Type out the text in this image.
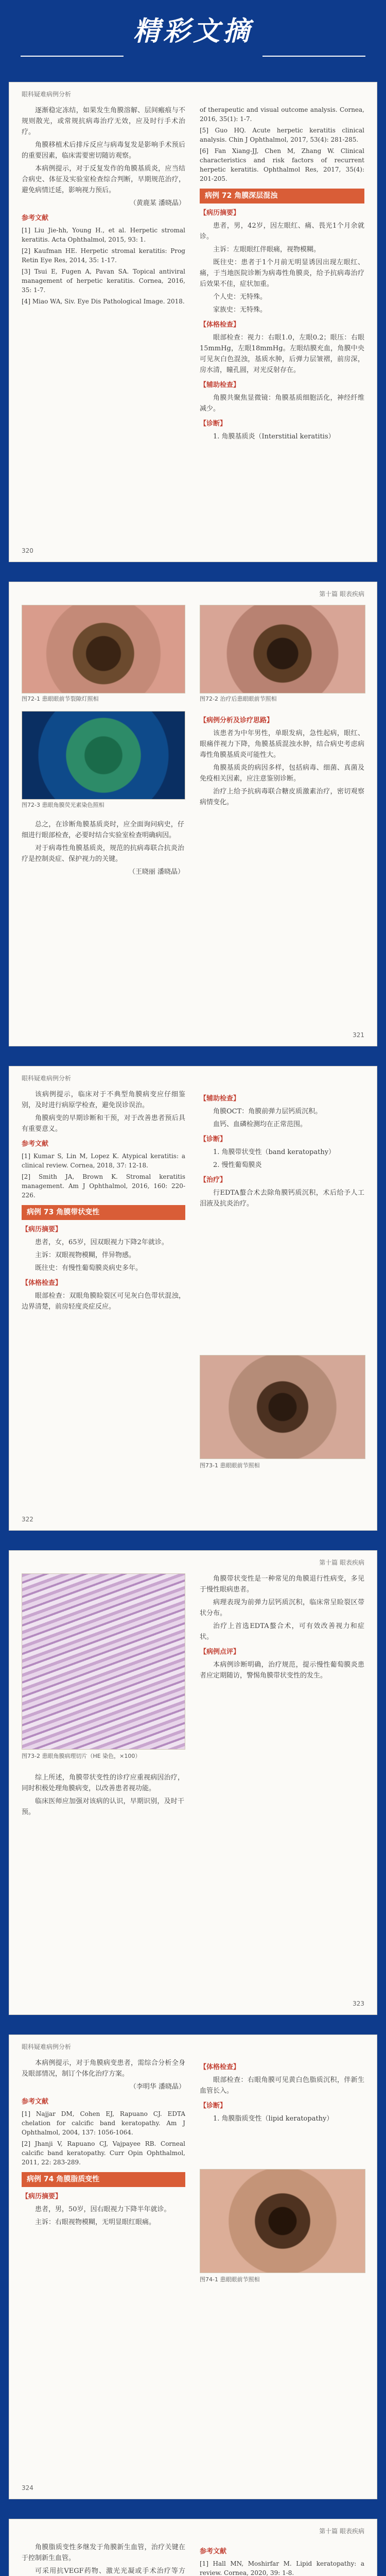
精彩文摘
眼科疑难病例分析

逐渐稳定冻结，如果发生角膜溶解、层间瘢痕与不规则散光，或常规抗病毒治疗无效，应及时行手术治疗。

角膜移植术后排斥反应与病毒复发是影响手术预后的重要因素，临床需要密切随访观察。

本病例提示，对于反复发作的角膜基质炎，应当结合病史、体征及实验室检查综合判断，早期规范治疗，避免病情迁延，影响视力预后。

（黄鹿某 潘晓晶）

参考文献

[1] Liu Jie-hh, Young H., et al. Herpetic stromal keratitis. Acta Ophthalmol, 2015, 93: 1.

[2] Kaufman HE. Herpetic stromal keratitis: Prog Retin Eye Res, 2014, 35: 1-17.

[3] Tsui E, Fugen A, Pavan SA. Topical antiviral management of herpetic keratitis. Cornea, 2016, 35: 1-7.

[4] Miao WA, Siv. Eye Dis Pathological Image. 2018.

of therapeutic and visual outcome analysis. Cornea, 2016, 35(1): 1-7.

[5] Guo HQ. Acute herpetic keratitis clinical analysis. Chin J Ophthalmol, 2017, 53(4): 281-285.

[6] Fan Xiang-JJ, Chen M, Zhang W. Clinical characteristics and risk factors of recurrent herpetic keratitis. Ophthalmol Res, 2017, 35(4): 201-205.

病例 72 角膜深层混浊

【病历摘要】

患者，男，42岁，因左眼红、痛、畏光1个月余就诊。

主诉：左眼眼红伴眼痛，视物模糊。

既往史：患者于1个月前无明显诱因出现左眼红、痛，于当地医院诊断为病毒性角膜炎，给予抗病毒治疗后效果不佳，症状加重。

个人史：无特殊。

家族史：无特殊。

【体格检查】

眼部检查：视力：右眼1.0，左眼0.2；眼压：右眼15mmHg，左眼18mmHg。左眼结膜充血，角膜中央可见灰白色混浊，基质水肿，后弹力层皱褶，前房深，房水清，瞳孔圆，对光反射存在。

【辅助检查】

角膜共聚焦显微镜：角膜基质细胞活化，神经纤维减少。

【诊断】

1. 角膜基质炎（Interstitial keratitis）

320
第十篇 眼表疾病
图72-1 患眼眼前节裂隙灯照相	图72-2 治疗后患眼眼前节照相
图72-3 患眼角膜荧光素染色照相

【病例分析及诊疗思路】

该患者为中年男性，单眼发病，急性起病，眼红、眼痛伴视力下降，角膜基质混浊水肿，结合病史考虑病毒性角膜基质炎可能性大。

角膜基质炎的病因多样，包括病毒、细菌、真菌及免疫相关因素，应注意鉴别诊断。

治疗上给予抗病毒联合糖皮质激素治疗，密切观察病情变化。

总之，在诊断角膜基质炎时，应全面询问病史，仔细进行眼部检查，必要时结合实验室检查明确病因。

对于病毒性角膜基质炎，规范的抗病毒联合抗炎治疗是控制炎症、保护视力的关键。

（王晓丽 潘晓晶）

321
眼科疑难病例分析

该病例提示，临床对于不典型角膜病变应仔细鉴别，及时进行病原学检查，避免误诊误治。

角膜病变的早期诊断和干预，对于改善患者预后具有重要意义。

参考文献

[1] Kumar S, Lin M, Lopez K. Atypical keratitis: a clinical review. Cornea, 2018, 37: 12-18.

[2] Smith JA, Brown K. Stromal keratitis management. Am J Ophthalmol, 2016, 160: 220-226.

病例 73 角膜带状变性

【病历摘要】

患者，女，65岁，因双眼视力下降2年就诊。

主诉：双眼视物模糊，伴异物感。

既往史：有慢性葡萄膜炎病史多年。

【体格检查】

眼部检查：双眼角膜睑裂区可见灰白色带状混浊，边界清楚，前房轻度炎症反应。

【辅助检查】

角膜OCT：角膜前弹力层钙质沉积。

血钙、血磷检测均在正常范围。

【诊断】

1. 角膜带状变性（band keratopathy）

2. 慢性葡萄膜炎

【治疗】

行EDTA螯合术去除角膜钙质沉积，术后给予人工泪液及抗炎治疗。

图73-1 患眼眼前节照相
322
第十篇 眼表疾病
图73-2 患眼角膜病理切片（HE 染色，×100）

角膜带状变性是一种常见的角膜退行性病变，多见于慢性眼病患者。

病理表现为前弹力层钙质沉积，临床常呈睑裂区带状分布。

治疗上首选EDTA螯合术，可有效改善视力和症状。

【病例点评】

本病例诊断明确，治疗规范，提示慢性葡萄膜炎患者应定期随访，警惕角膜带状变性的发生。

综上所述，角膜带状变性的诊疗应重视病因治疗，同时积极处理角膜病变，以改善患者视功能。

临床医师应加强对该病的认识，早期识别，及时干预。

323
眼科疑难病例分析

本病例提示，对于角膜病变患者，需综合分析全身及眼部情况，制订个体化治疗方案。

（李明华 潘晓晶）

参考文献

[1] Najjar DM, Cohen EJ, Rapuano CJ. EDTA chelation for calcific band keratopathy. Am J Ophthalmol, 2004, 137: 1056-1064.

[2] Jhanji V, Rapuano CJ, Vajpayee RB. Corneal calcific band keratopathy. Curr Opin Ophthalmol, 2011, 22: 283-289.

病例 74 角膜脂质变性

【病历摘要】

患者，男，50岁，因右眼视力下降半年就诊。

主诉：右眼视物模糊，无明显眼红眼痛。

【体格检查】

眼部检查：右眼角膜可见黄白色脂质沉积，伴新生血管长入。

【诊断】

1. 角膜脂质变性（lipid keratopathy）

图74-1 患眼眼前节照相
324
第十篇 眼表疾病

角膜脂质变性多继发于角膜新生血管，治疗关键在于控制新生血管。

可采用抗VEGF药物、激光光凝或手术治疗等方

参考文献

[1] Hall MN, Moshirfar M. Lipid keratopathy: a review. Cornea, 2020, 39: 1-8.
